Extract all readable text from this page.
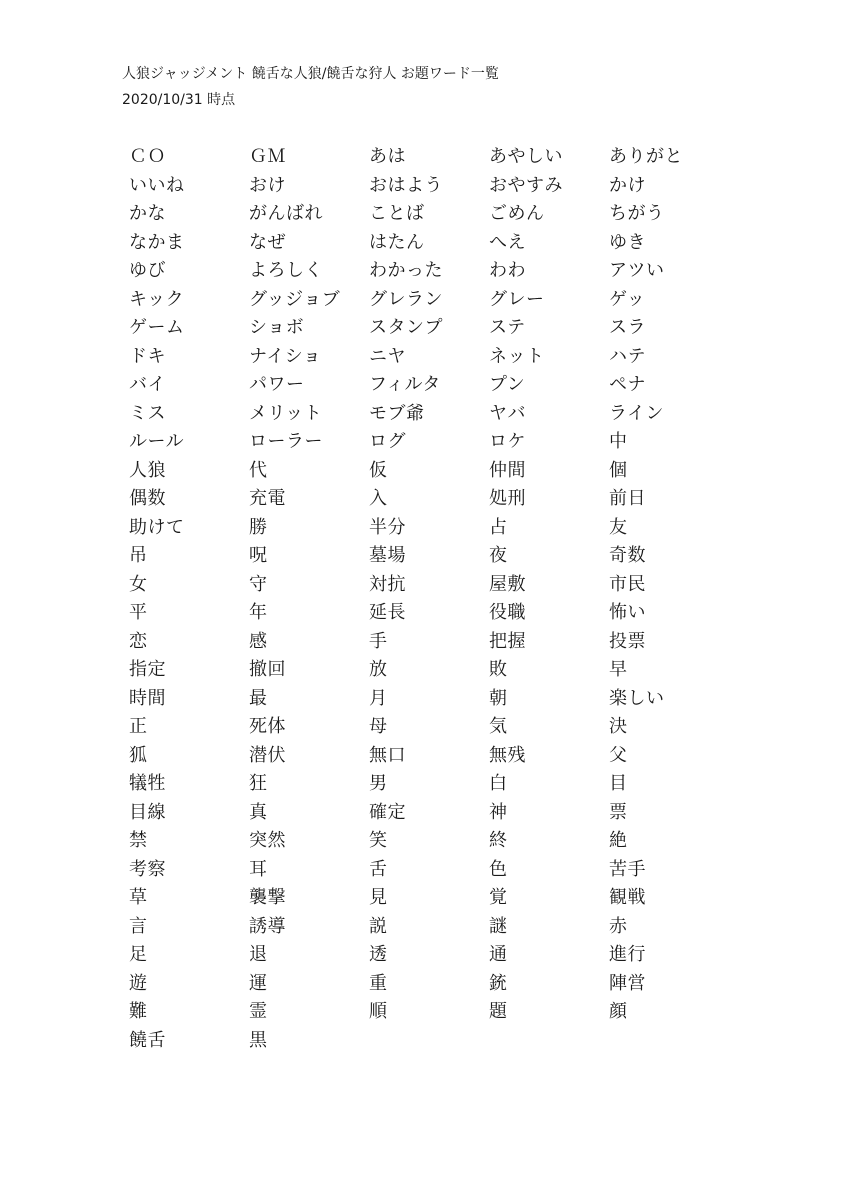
人狼ジャッジメント 饒舌な人狼/饒舌な狩人 お題ワード一覧
2020/10/31 時点
ＣＯ	ＧＭ	あは	あやしい	ありがと
いいね	おけ	おはよう	おやすみ	かけ
かな	がんばれ	ことば	ごめん	ちがう
なかま	なぜ	はたん	へえ	ゆき
ゆび	よろしく	わかった	わわ	アツい
キック	グッジョブ	グレラン	グレー	ゲッ
ゲーム	ショボ	スタンプ	ステ	スラ
ドキ	ナイショ	ニヤ	ネット	ハテ
バイ	パワー	フィルタ	プン	ペナ
ミス	メリット	モブ爺	ヤバ	ライン
ルール	ローラー	ログ	ロケ	中
人狼	代	仮	仲間	個
偶数	充電	入	処刑	前日
助けて	勝	半分	占	友
吊	呪	墓場	夜	奇数
女	守	対抗	屋敷	市民
平	年	延長	役職	怖い
恋	感	手	把握	投票
指定	撤回	放	敗	早
時間	最	月	朝	楽しい
正	死体	母	気	決
狐	潜伏	無口	無残	父
犠牲	狂	男	白	目
目線	真	確定	神	票
禁	突然	笑	終	絶
考察	耳	舌	色	苦手
草	襲撃	見	覚	観戦
言	誘導	説	謎	赤
足	退	透	通	進行
遊	運	重	銃	陣営
難	霊	順	題	顔
饒舌	黒
